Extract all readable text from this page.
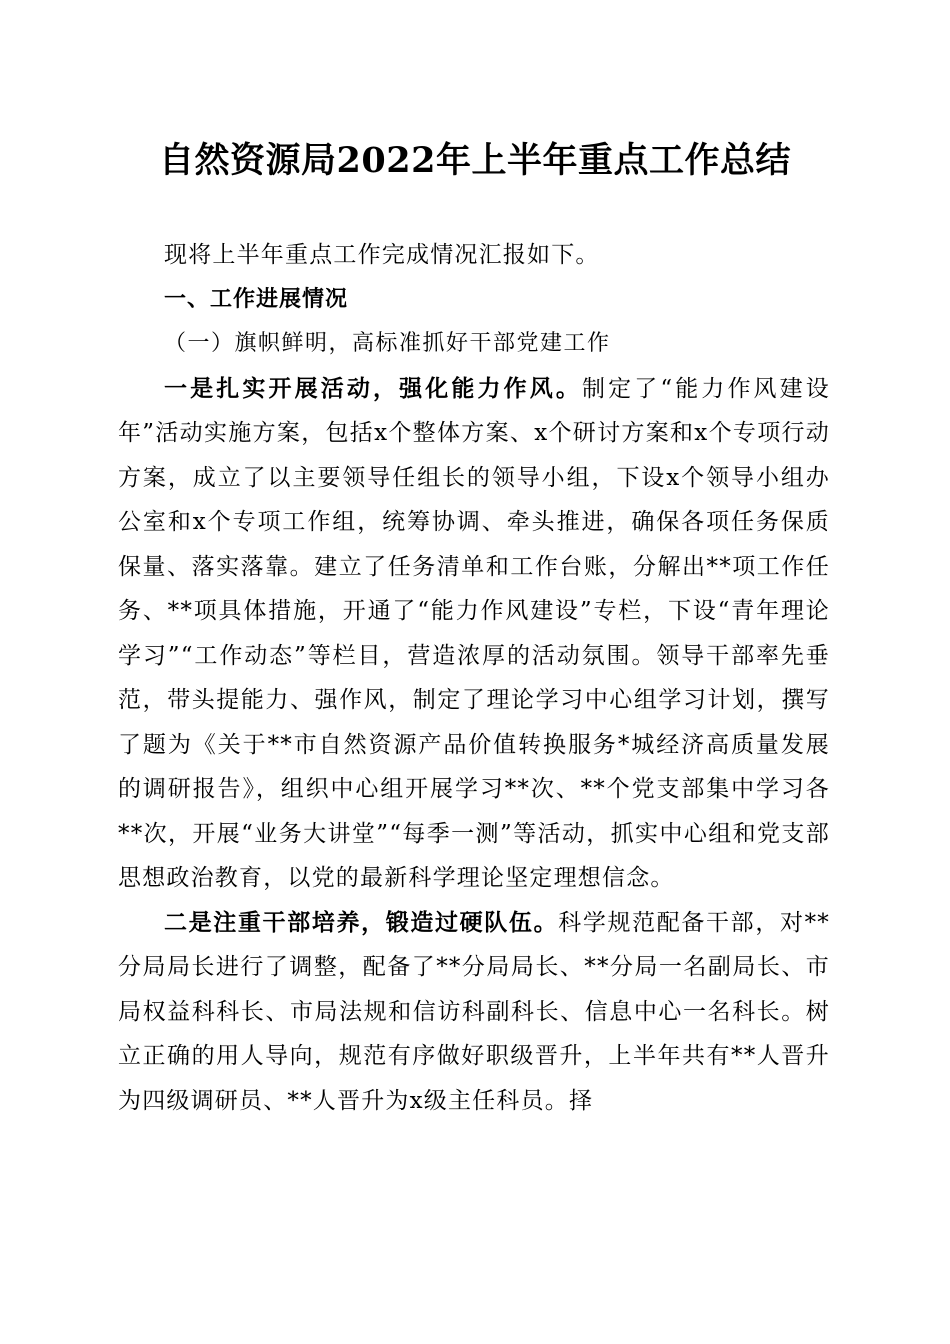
自然资源局2022年上半年重点工作总结

现将上半年重点工作完成情况汇报如下。

一、工作进展情况

（一）旗帜鲜明，高标准抓好干部党建工作

一是扎实开展活动，强化能力作风。制定了“能力作风建设年”活动实施方案，包括x个整体方案、x个研讨方案和x个专项行动方案，成立了以主要领导任组长的领导小组，下设x个领导小组办公室和x个专项工作组，统筹协调、牵头推进，确保各项任务保质保量、落实落靠。建立了任务清单和工作台账，分解出**项工作任务、**项具体措施，开通了“能力作风建设”专栏，下设“青年理论学习”“工作动态”等栏目，营造浓厚的活动氛围。领导干部率先垂范，带头提能力、强作风，制定了理论学习中心组学习计划，撰写了题为《关于**市自然资源产品价值转换服务*城经济高质量发展的调研报告》，组织中心组开展学习**次、**个党支部集中学习各**次，开展“业务大讲堂”“每季一测”等活动，抓实中心组和党支部思想政治教育，以党的最新科学理论坚定理想信念。

二是注重干部培养，锻造过硬队伍。科学规范配备干部，对**分局局长进行了调整，配备了**分局局长、**分局一名副局长、市局权益科科长、市局法规和信访科副科长、信息中心一名科长。树立正确的用人导向，规范有序做好职级晋升，上半年共有**人晋升为四级调研员、**人晋升为x级主任科员。择
